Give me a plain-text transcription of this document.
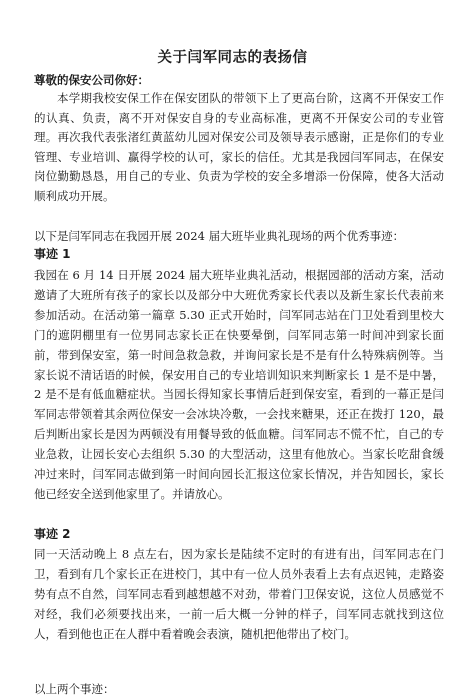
关于闫军同志的表扬信

尊敬的保安公司你好：

本学期我校安保工作在保安团队的带领下上了更高台阶，这离不开保安工作的认真、负责，离不开对保安自身的专业高标准，更离不开保安公司的专业管理。再次我代表张渚红黄蓝幼儿园对保安公司及领导表示感谢，正是你们的专业管理、专业培训、赢得学校的认可，家长的信任。尤其是我园闫军同志，在保安岗位勤勤恳恳，用自己的专业、负责为学校的安全多增添一份保障，使各大活动顺利成功开展。

以下是闫军同志在我园开展 2024 届大班毕业典礼现场的两个优秀事迹：

事迹 1

我园在 6 月 14 日开展 2024 届大班毕业典礼活动，根据园部的活动方案，活动邀请了大班所有孩子的家长以及部分中大班优秀家长代表以及新生家长代表前来参加活动。在活动第一篇章 5.30 正式开始时，闫军同志站在门卫处看到里校大门的遮阴棚里有一位男同志家长正在快要晕倒，闫军同志第一时间冲到家长面前，带到保安室，第一时间急救急救，并询问家长是不是有什么特殊病例等。当家长说不清话语的时候，保安用自己的专业培训知识来判断家长 1 是不是中暑，2 是不是有低血糖症状。当园长得知家长事情后赶到保安室，看到的一幕正是闫军同志带领着其余两位保安一会冰块冷敷，一会找来糖果，还正在拨打 120，最后判断出家长是因为两顿没有用餐导致的低血糖。闫军同志不慌不忙，自己的专业急救，让园长安心去组织 5.30 的大型活动，这里有他放心。当家长吃甜食缓冲过来时，闫军同志做到第一时间向园长汇报这位家长情况，并告知园长，家长他已经安全送到他家里了。并请放心。

事迹 2

同一天活动晚上 8 点左右，因为家长是陆续不定时的有进有出，闫军同志在门卫，看到有几个家长正在进校门，其中有一位人员外表看上去有点迟钝，走路姿势有点不自然，闫军同志看到越想越不对劲，带着门卫保安说，这位人员感觉不对经，我们必须要找出来，一前一后大概一分钟的样子，闫军同志就找到这位人，看到他也正在人群中看着晚会表演，随机把他带出了校门。

以上两个事迹：
